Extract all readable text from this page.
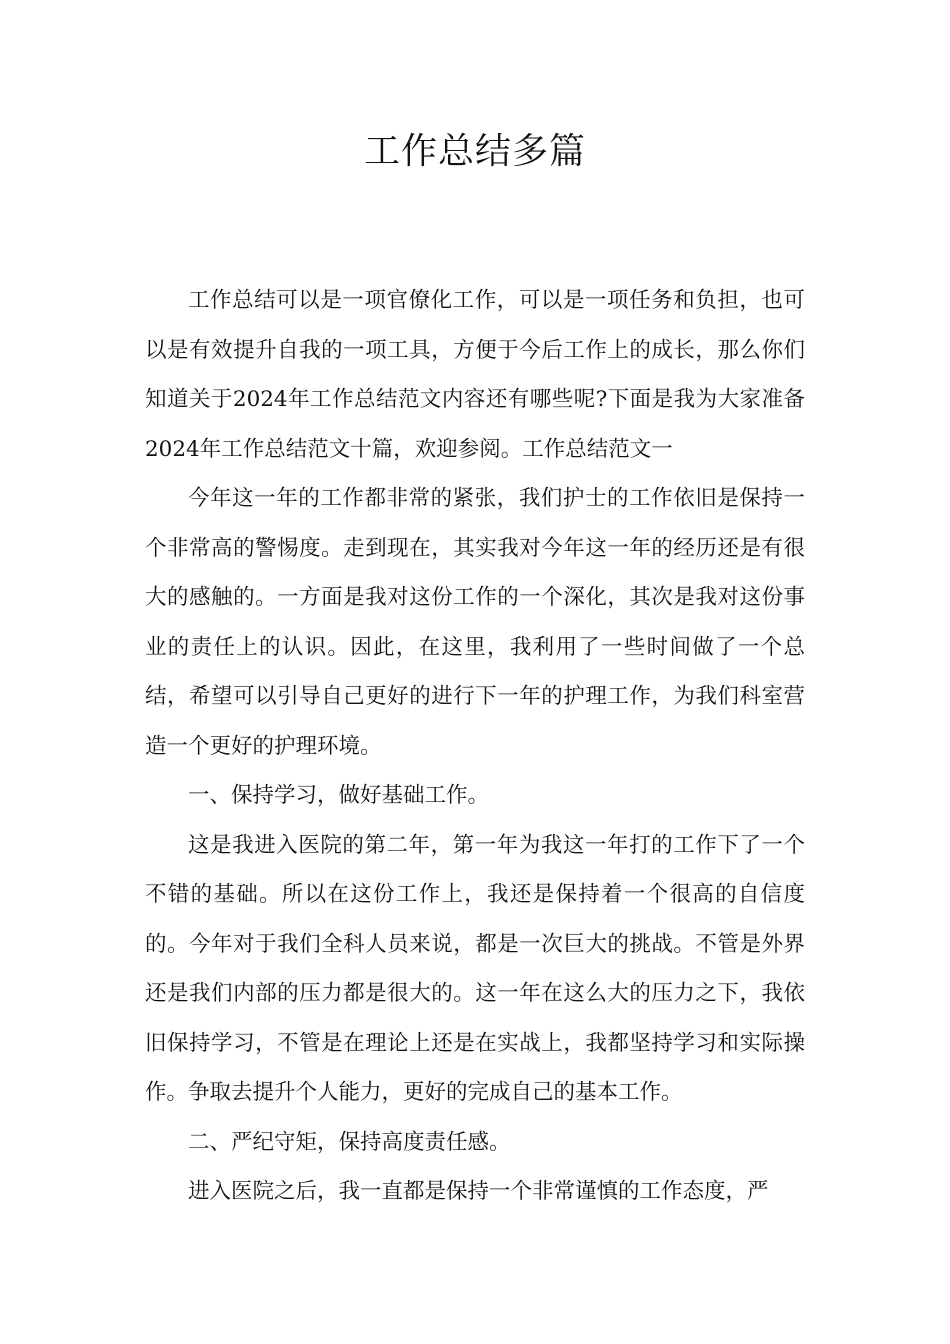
工作总结多篇

工作总结可以是一项官僚化工作，可以是一项任务和负担，也可以是有效提升自我的一项工具，方便于今后工作上的成长，那么你们知道关于2024年工作总结范文内容还有哪些呢?下面是我为大家准备2024年工作总结范文十篇，欢迎参阅。工作总结范文一

今年这一年的工作都非常的紧张，我们护士的工作依旧是保持一个非常高的警惕度。走到现在，其实我对今年这一年的经历还是有很大的感触的。一方面是我对这份工作的一个深化，其次是我对这份事业的责任上的认识。因此，在这里，我利用了一些时间做了一个总结，希望可以引导自己更好的进行下一年的护理工作，为我们科室营造一个更好的护理环境。

一、保持学习，做好基础工作。

这是我进入医院的第二年，第一年为我这一年打的工作下了一个不错的基础。所以在这份工作上，我还是保持着一个很高的自信度的。今年对于我们全科人员来说，都是一次巨大的挑战。不管是外界还是我们内部的压力都是很大的。这一年在这么大的压力之下，我依旧保持学习，不管是在理论上还是在实战上，我都坚持学习和实际操作。争取去提升个人能力，更好的完成自己的基本工作。

二、严纪守矩，保持高度责任感。

进入医院之后，我一直都是保持一个非常谨慎的工作态度，严
